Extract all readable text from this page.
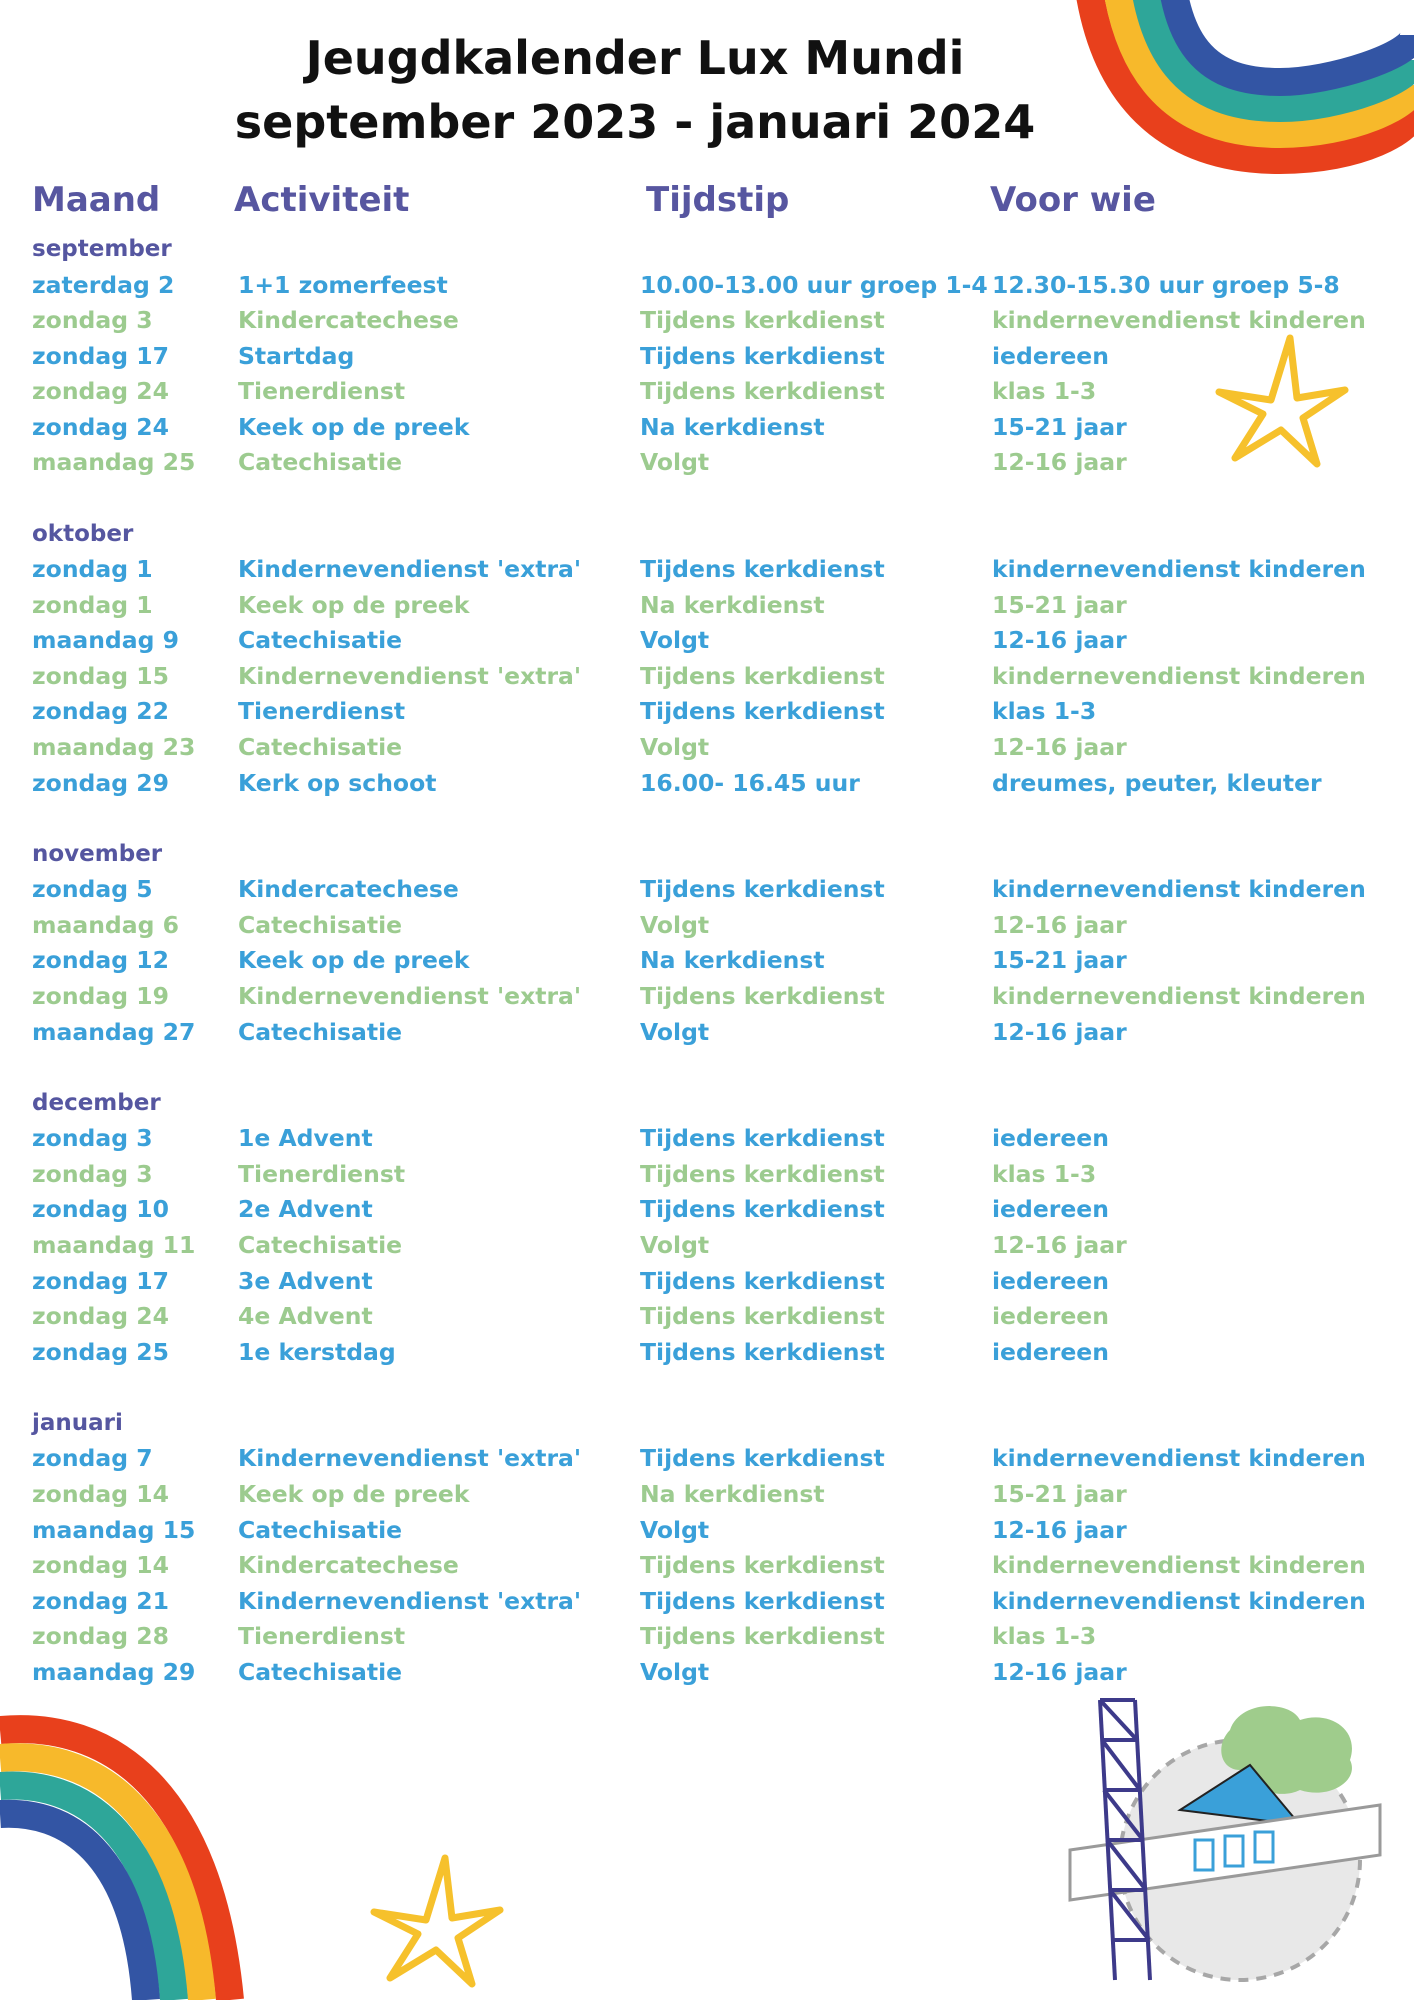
Jeugdkalender Lux Mundi
september 2023 - januari 2024
Maand Activiteit	Tijdstip	Voor wie
september
zaterdag 2	1+1 zomerfeest	10.00-13.00 uur groep 1-4 12.30-15.30 uur groep 5-8
zondag 3	Kindercatechese	Tijdens kerkdienst	kindernevendienst kinderen
zondag 17	Startdag	Tijdens kerkdienst	iedereen
zondag 24	Tienerdienst	Tijdens kerkdienst	klas 1-3
zondag 24	Keek op de preek	Na kerkdienst	15-21 jaar
maandag 25 Catechisatie	Volgt	12-16 jaar
oktober
zondag 1	Kindernevendienst 'extra'	Tijdens kerkdienst	kindernevendienst kinderen
zondag 1	Keek op de preek	Na kerkdienst	15-21 jaar
maandag 9	Catechisatie	Volgt	12-16 jaar
zondag 15	Kindernevendienst 'extra'	Tijdens kerkdienst	kindernevendienst kinderen
zondag 22	Tienerdienst	Tijdens kerkdienst	klas 1-3
maandag 23 Catechisatie	Volgt	12-16 jaar
zondag 29	Kerk op schoot	16.00- 16.45 uur	dreumes, peuter, kleuter
november
zondag 5	Kindercatechese	Tijdens kerkdienst	kindernevendienst kinderen
maandag 6	Catechisatie	Volgt	12-16 jaar
zondag 12	Keek op de preek	Na kerkdienst	15-21 jaar
zondag 19	Kindernevendienst 'extra'	Tijdens kerkdienst	kindernevendienst kinderen
maandag 27 Catechisatie	Volgt	12-16 jaar
december
zondag 3	1e Advent	Tijdens kerkdienst	iedereen
zondag 3	Tienerdienst	Tijdens kerkdienst	klas 1-3
zondag 10	2e Advent	Tijdens kerkdienst	iedereen
maandag 11 Catechisatie	Volgt	12-16 jaar
zondag 17	3e Advent	Tijdens kerkdienst	iedereen
zondag 24	4e Advent	Tijdens kerkdienst	iedereen
zondag 25	1e kerstdag	Tijdens kerkdienst	iedereen
januari
zondag 7	Kindernevendienst 'extra'	Tijdens kerkdienst	kindernevendienst kinderen
zondag 14	Keek op de preek	Na kerkdienst	15-21 jaar
maandag 15 Catechisatie	Volgt	12-16 jaar
zondag 14	Kindercatechese	Tijdens kerkdienst	kindernevendienst kinderen
zondag 21	Kindernevendienst 'extra'	Tijdens kerkdienst	kindernevendienst kinderen
zondag 28	Tienerdienst	Tijdens kerkdienst	klas 1-3
maandag 29 Catechisatie	Volgt	12-16 jaar
